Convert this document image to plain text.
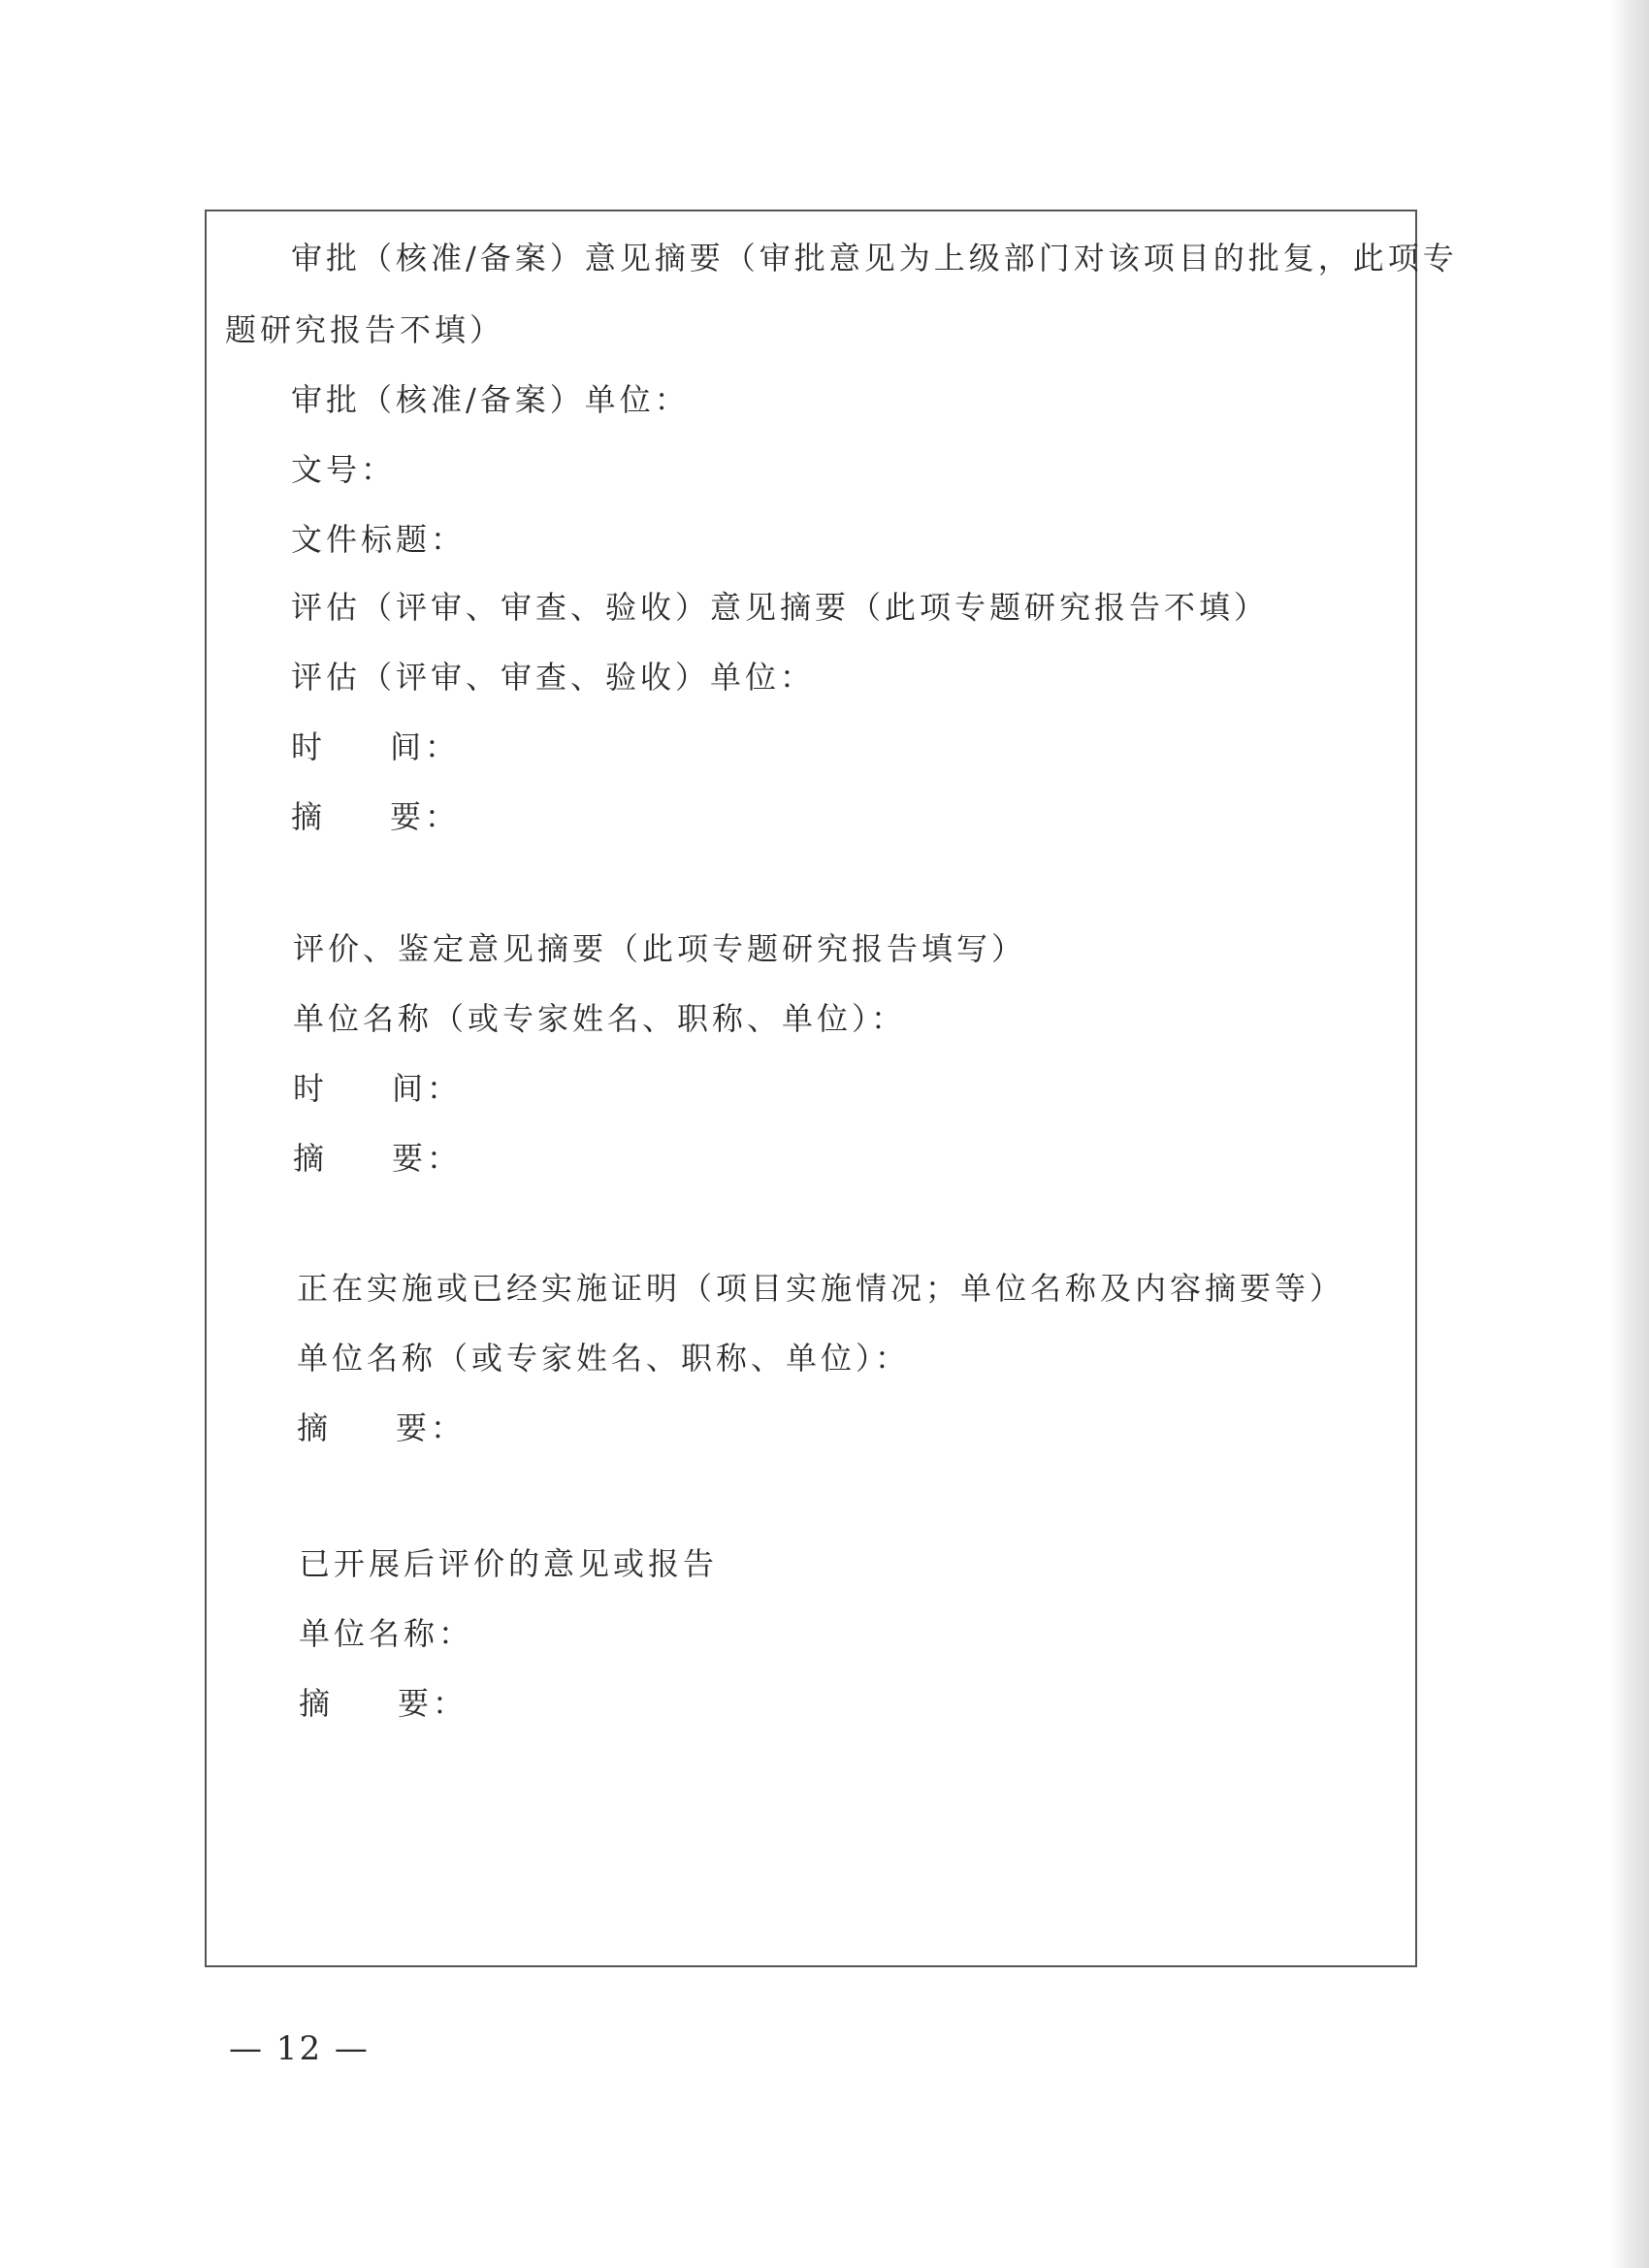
审批（核准/备案）意见摘要（审批意见为上级部门对该项目的批复，此项专
题研究报告不填）
审批（核准/备案）单位：
文号：
文件标题：
评估（评审、审查、验收）意见摘要（此项专题研究报告不填）
评估（评审、审查、验收）单位：
时 间：
摘 要：
评价、鉴定意见摘要（此项专题研究报告填写）
单位名称（或专家姓名、职称、单位）：
时 间：
摘 要：
正在实施或已经实施证明（项目实施情况；单位名称及内容摘要等）
单位名称（或专家姓名、职称、单位）：
摘 要：
已开展后评价的意见或报告
单位名称：
摘 要：
— 12 —
